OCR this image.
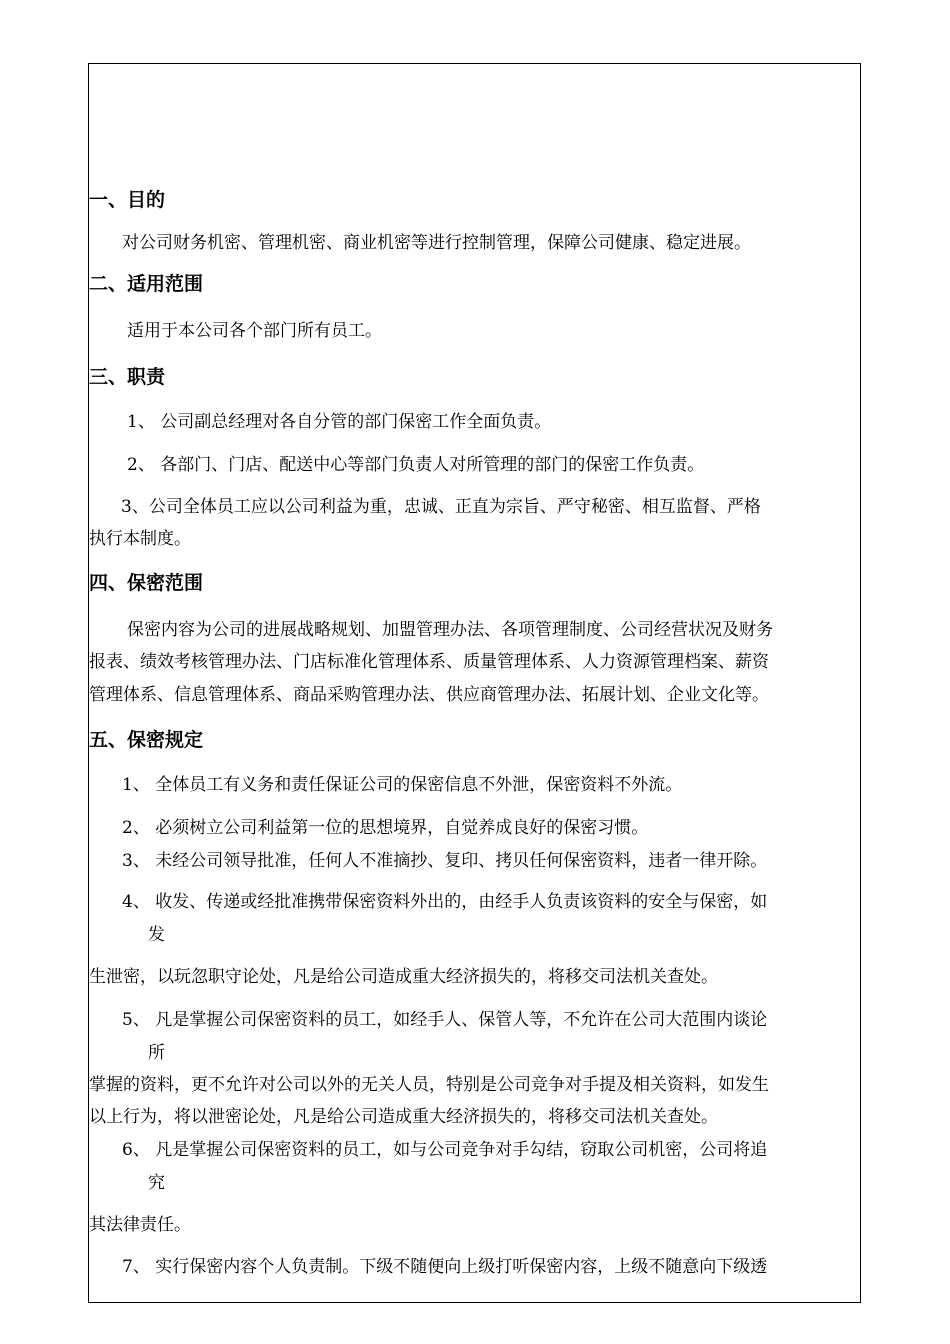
一、目的
对公司财务机密、管理机密、商业机密等进行控制管理，保障公司健康、稳定进展。
二、适用范围
适用于本公司各个部门所有员工。
三、职责
1、 公司副总经理对各自分管的部门保密工作全面负责。
2、 各部门、门店、配送中心等部门负责人对所管理的部门的保密工作负责。
3、公司全体员工应以公司利益为重，忠诚、正直为宗旨、严守秘密、相互监督、严格
执行本制度。
四、保密范围
保密内容为公司的进展战略规划、加盟管理办法、各项管理制度、公司经营状况及财务
报表、绩效考核管理办法、门店标准化管理体系、质量管理体系、人力资源管理档案、薪资
管理体系、信息管理体系、商品采购管理办法、供应商管理办法、拓展计划、企业文化等。
五、保密规定
1、 全体员工有义务和责任保证公司的保密信息不外泄，保密资料不外流。
2、 必须树立公司利益第一位的思想境界，自觉养成良好的保密习惯。
3、 未经公司领导批准，任何人不准摘抄、复印、拷贝任何保密资料，违者一律开除。
4、 收发、传递或经批准携带保密资料外出的，由经手人负责该资料的安全与保密，如
发
生泄密，以玩忽职守论处，凡是给公司造成重大经济损失的，将移交司法机关查处。
5、 凡是掌握公司保密资料的员工，如经手人、保管人等，不允许在公司大范围内谈论
所
掌握的资料，更不允许对公司以外的无关人员，特别是公司竞争对手提及相关资料，如发生
以上行为，将以泄密论处，凡是给公司造成重大经济损失的，将移交司法机关查处。
6、 凡是掌握公司保密资料的员工，如与公司竞争对手勾结，窃取公司机密，公司将追
究
其法律责任。
7、 实行保密内容个人负责制。下级不随便向上级打听保密内容，上级不随意向下级透
